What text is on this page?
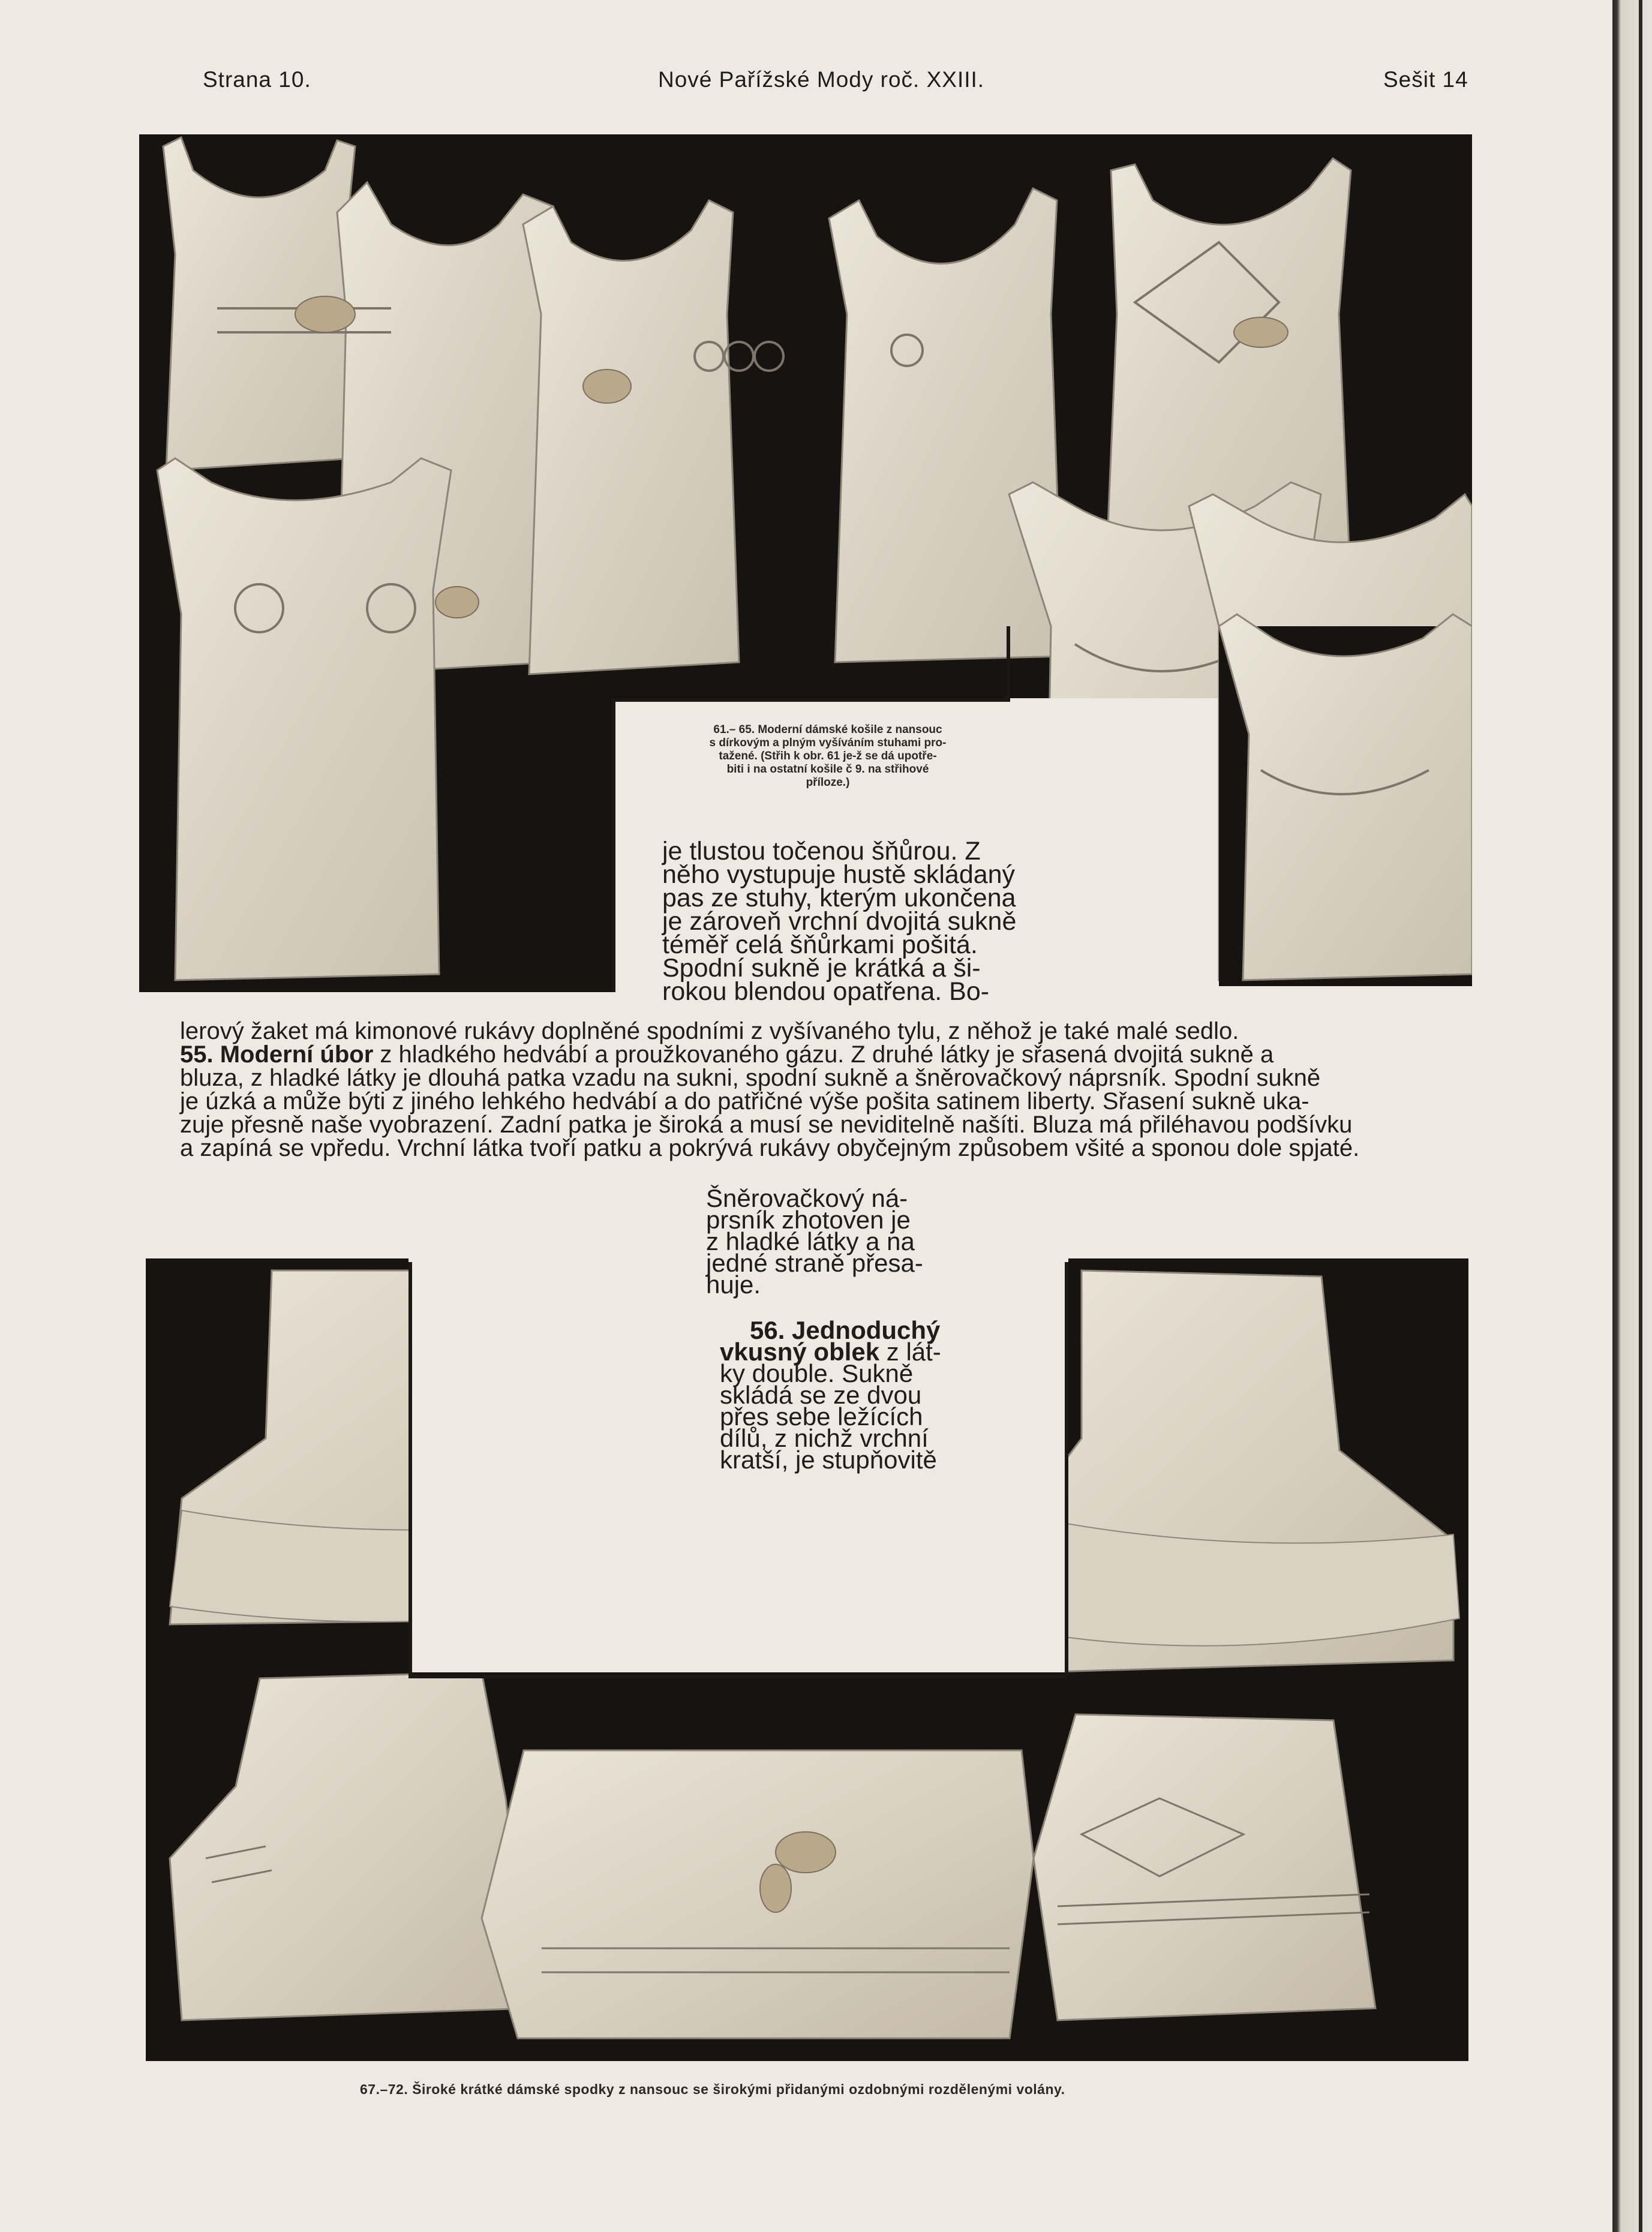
Strana 10.	Nové Pařížské Mody roč. XXIII.	Sešit 14
61.– 65. Moderní dámské košile z nansouc
s dírkovým a plným vyšíváním stuhami pro-
tažené. (Střih k obr. 61 je-ž se dá upotře-
biti i na ostatní košile č 9. na střihové
příloze.)
je tlustou točenou šňůrou. Z
něho vystupuje hustě skládaný
pas ze stuhy, kterým ukončena
je zároveň vrchní dvojitá sukně
téměř celá šňůrkami pošitá.
Spodní sukně je krátká a ši-
rokou blendou opatřena. Bo-
lerový žaket má kimonové rukávy doplněné spodními z vyšívaného tylu, z něhož je také malé sedlo.
55. Moderní úbor z hladkého hedvábí a proužkovaného gázu. Z druhé látky je sřasená dvojitá sukně a
bluza, z hladké látky je dlouhá patka vzadu na sukni, spodní sukně a šněrovačkový náprsník. Spodní sukně
je úzká a může býti z jiného lehkého hedvábí a do patřičné výše pošita satinem liberty. Sřasení sukně uka-
zuje přesně naše vyobrazení. Zadní patka je široká a musí se neviditelně našíti. Bluza má přiléhavou podšívku
a zapíná se vpředu. Vrchní látka tvoří patku a pokrývá rukávy obyčejným způsobem všité a sponou dole spjaté.
Šněrovačkový ná-
prsník zhotoven je
z hladké látky a na
jedné straně přesa-
huje.
56. Jednoduchý
vkusný oblek z lát-
ky double. Sukně
skládá se ze dvou
přes sebe ležících
dílů, z nichž vrchní
kratší, je stupňovitě
67.–72. Široké krátké dámské spodky z nansouc se širokými přidanými ozdobnými rozdělenými volány.
